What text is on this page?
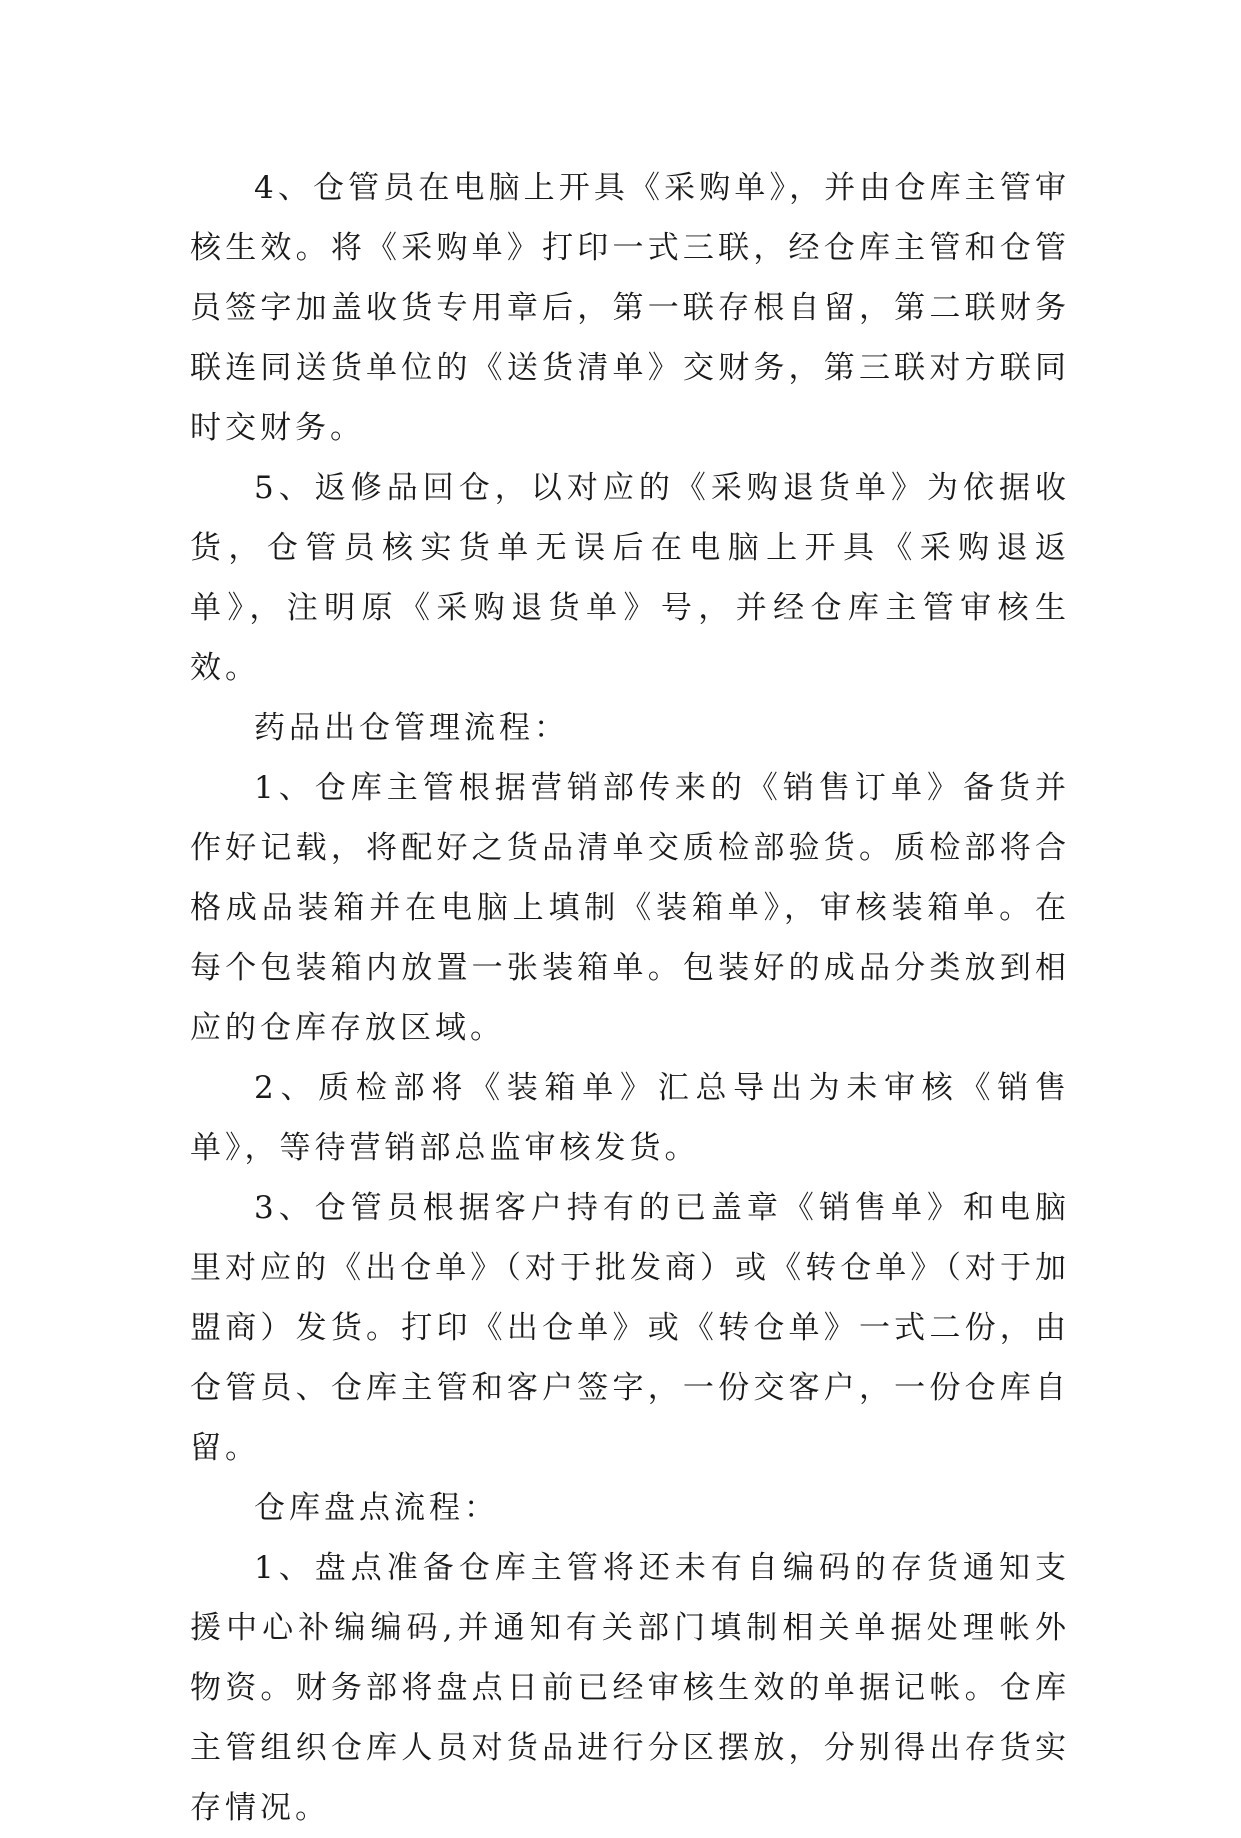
4、仓管员在电脑上开具《采购单》，并由仓库主管审核生效。将《采购单》打印一式三联，经仓库主管和仓管员签字加盖收货专用章后，第一联存根自留，第二联财务联连同送货单位的《送货清单》交财务，第三联对方联同时交财务。

5、返修品回仓，以对应的《采购退货单》为依据收货，仓管员核实货单无误后在电脑上开具《采购退返单》，注明原《采购退货单》号，并经仓库主管审核生效。

药品出仓管理流程：

1、仓库主管根据营销部传来的《销售订单》备货并作好记载，将配好之货品清单交质检部验货。质检部将合格成品装箱并在电脑上填制《装箱单》，审核装箱单。在每个包装箱内放置一张装箱单。包装好的成品分类放到相应的仓库存放区域。

2、质检部将《装箱单》汇总导出为未审核《销售单》，等待营销部总监审核发货。

3、仓管员根据客户持有的已盖章《销售单》和电脑里对应的《出仓单》（对于批发商）或《转仓单》（对于加盟商）发货。打印《出仓单》或《转仓单》一式二份，由仓管员、仓库主管和客户签字，一份交客户，一份仓库自留。

仓库盘点流程：

1、盘点准备仓库主管将还未有自编码的存货通知支援中心补编编码,并通知有关部门填制相关单据处理帐外物资。财务部将盘点日前已经审核生效的单据记帐。仓库主管组织仓库人员对货品进行分区摆放，分别得出存货实存情况。
